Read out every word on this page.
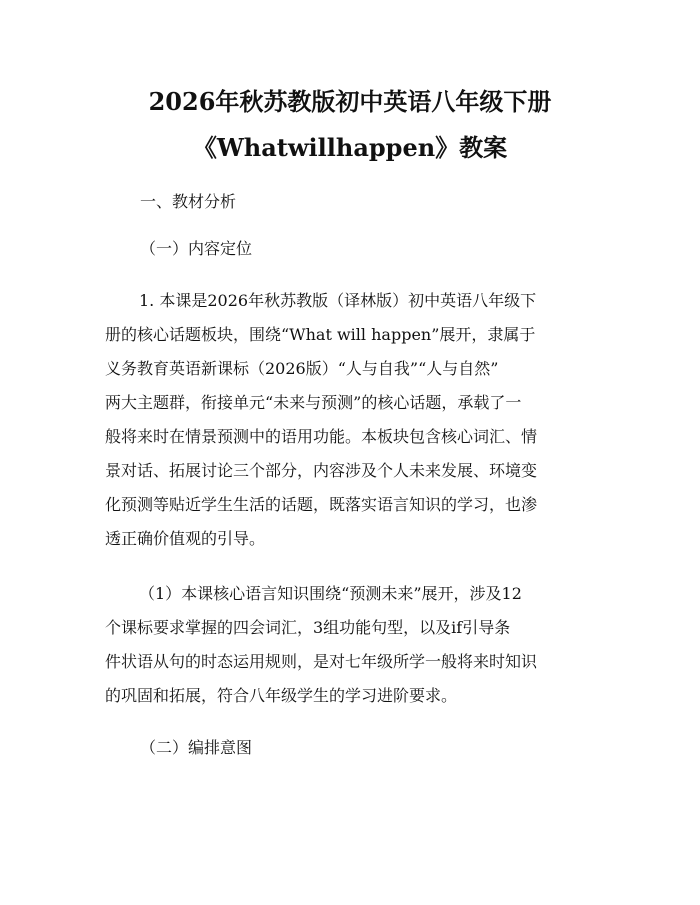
2026年秋苏教版初中英语八年级下册
《Whatwillhappen》教案
一、教材分析
（一）内容定位
1. 本课是2026年秋苏教版（译林版）初中英语八年级下
册的核心话题板块，围绕“What will happen”展开，隶属于
义务教育英语新课标（2026版）“人与自我”“人与自然”
两大主题群，衔接单元“未来与预测”的核心话题，承载了一
般将来时在情景预测中的语用功能。本板块包含核心词汇、情
景对话、拓展讨论三个部分，内容涉及个人未来发展、环境变
化预测等贴近学生生活的话题，既落实语言知识的学习，也渗
透正确价值观的引导。
（1）本课核心语言知识围绕“预测未来”展开，涉及12
个课标要求掌握的四会词汇，3组功能句型，以及if引导条
件状语从句的时态运用规则，是对七年级所学一般将来时知识
的巩固和拓展，符合八年级学生的学习进阶要求。
（二）编排意图
